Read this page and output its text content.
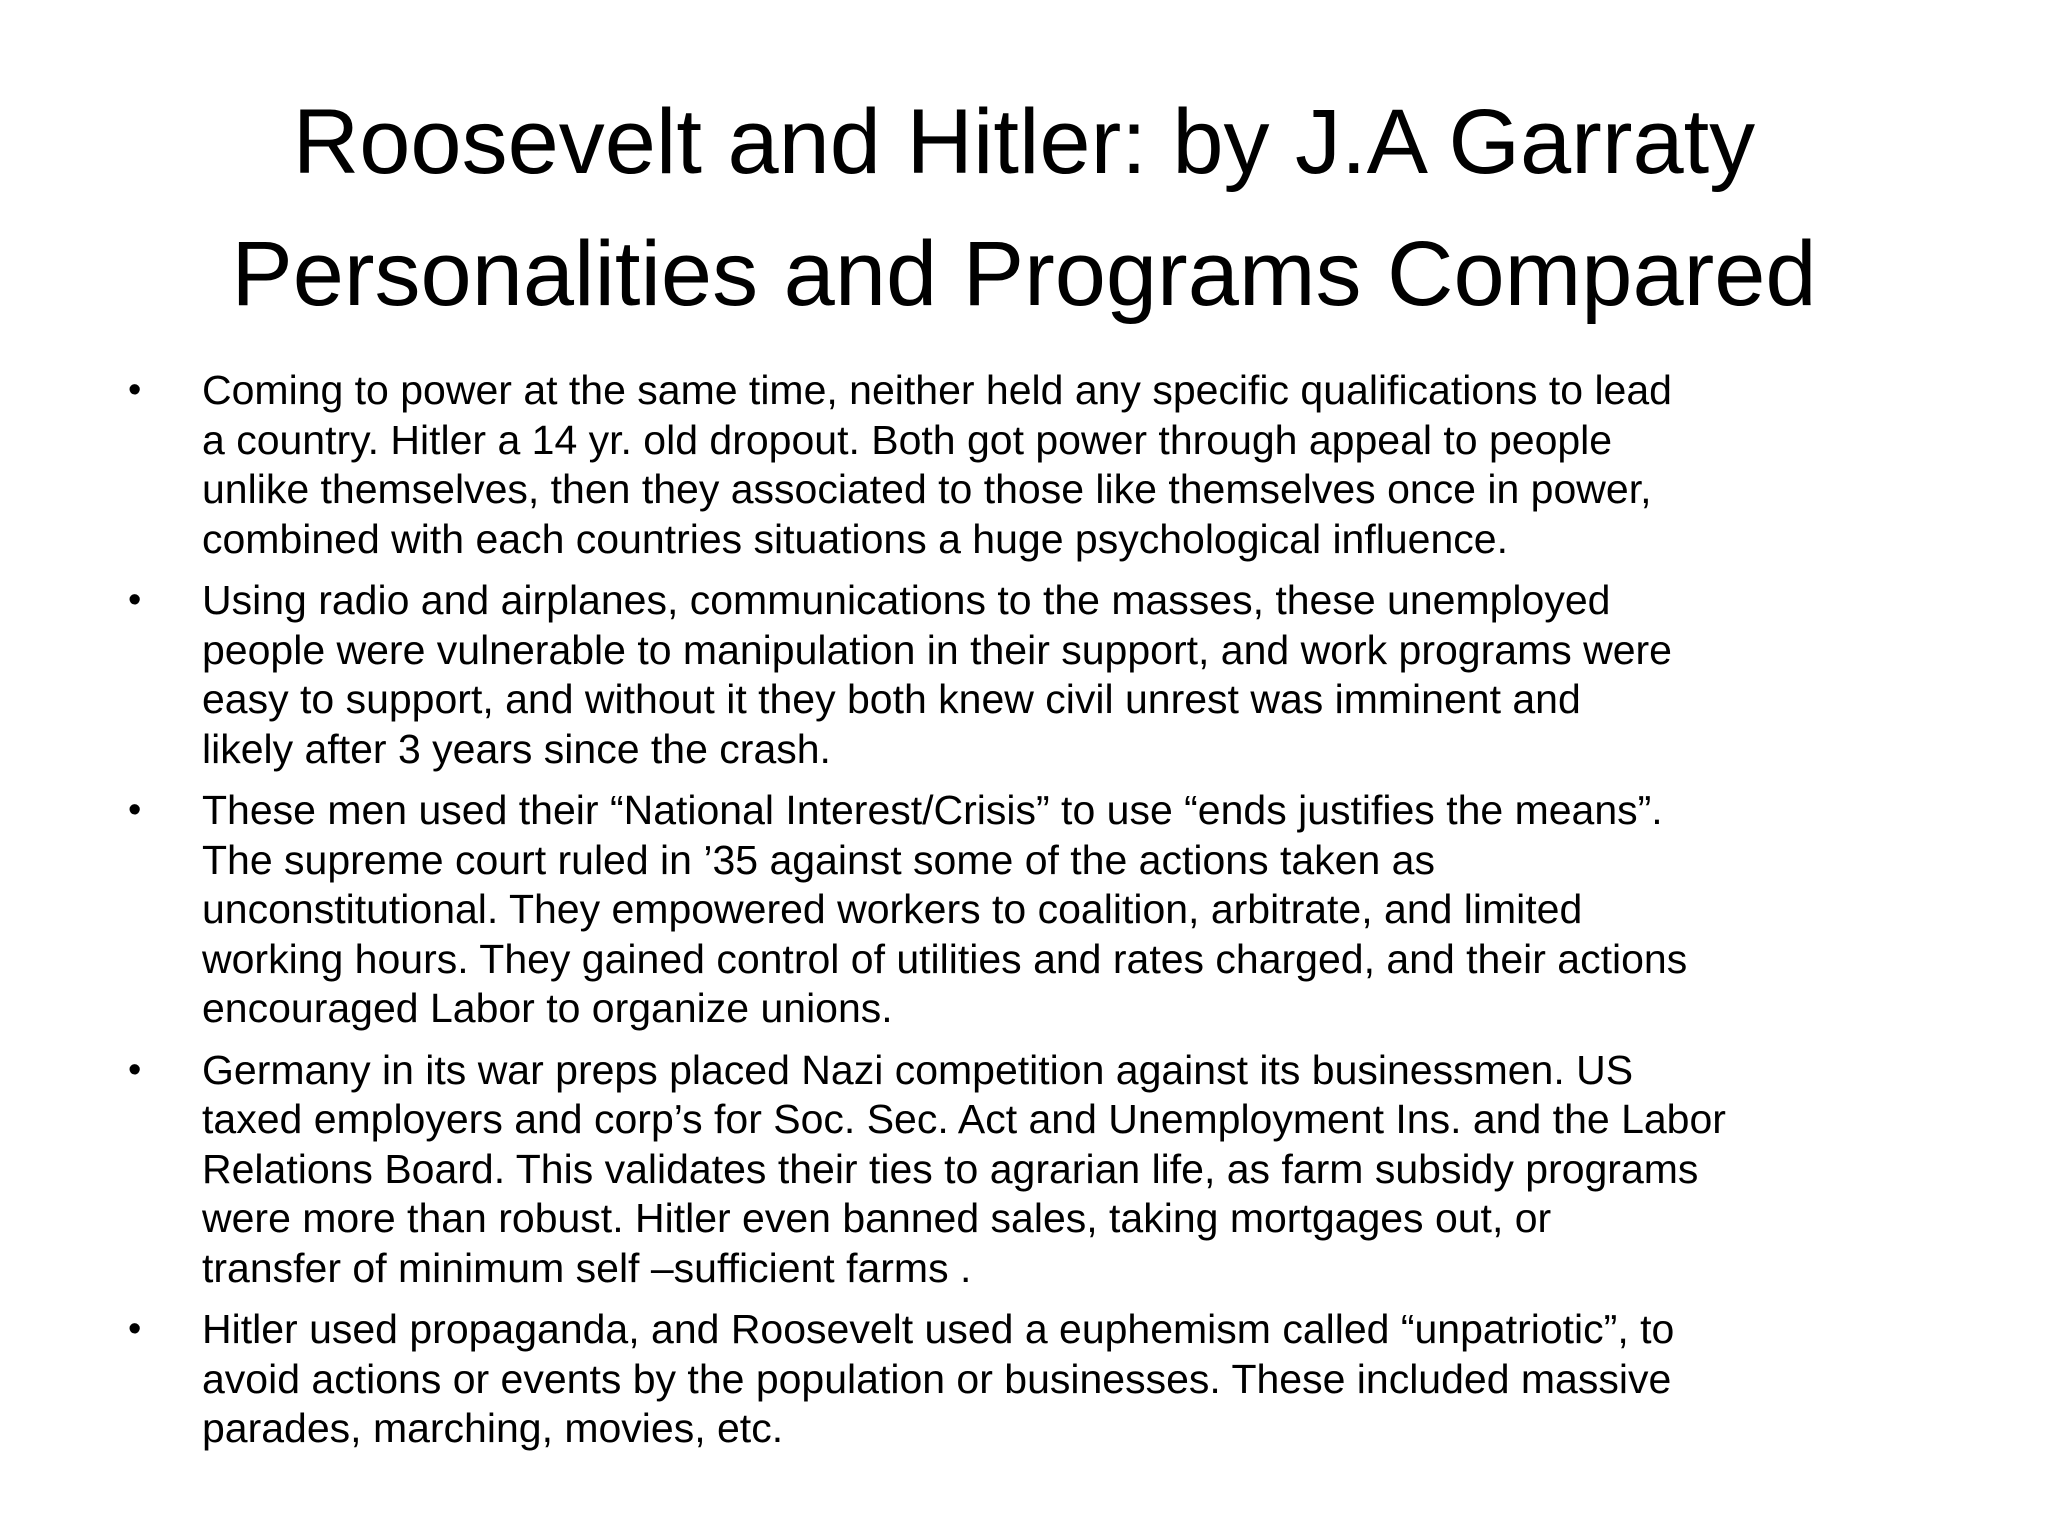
Roosevelt and Hitler: by J.A Garraty
Personalities and Programs Compared
•	Coming to power at the same time, neither held any specific qualifications to lead
a country. Hitler a 14 yr. old dropout. Both got power through appeal to people
unlike themselves, then they associated to those like themselves once in power,
combined with each countries situations a huge psychological influence.
•	Using radio and airplanes, communications to the masses, these unemployed
people were vulnerable to manipulation in their support, and work programs were
easy to support, and without it they both knew civil unrest was imminent and
likely after 3 years since the crash.
•	These men used their “National Interest/Crisis” to use “ends justifies the means”.
The supreme court ruled in ’35 against some of the actions taken as
unconstitutional. They empowered workers to coalition, arbitrate, and limited
working hours. They gained control of utilities and rates charged, and their actions
encouraged Labor to organize unions.
•	Germany in its war preps placed Nazi competition against its businessmen. US
taxed employers and corp’s for Soc. Sec. Act and Unemployment Ins. and the Labor
Relations Board. This validates their ties to agrarian life, as farm subsidy programs
were more than robust. Hitler even banned sales, taking mortgages out, or
transfer of minimum self –sufficient farms .
•	Hitler used propaganda, and Roosevelt used a euphemism called “unpatriotic”, to
avoid actions or events by the population or businesses. These included massive
parades, marching, movies, etc.
